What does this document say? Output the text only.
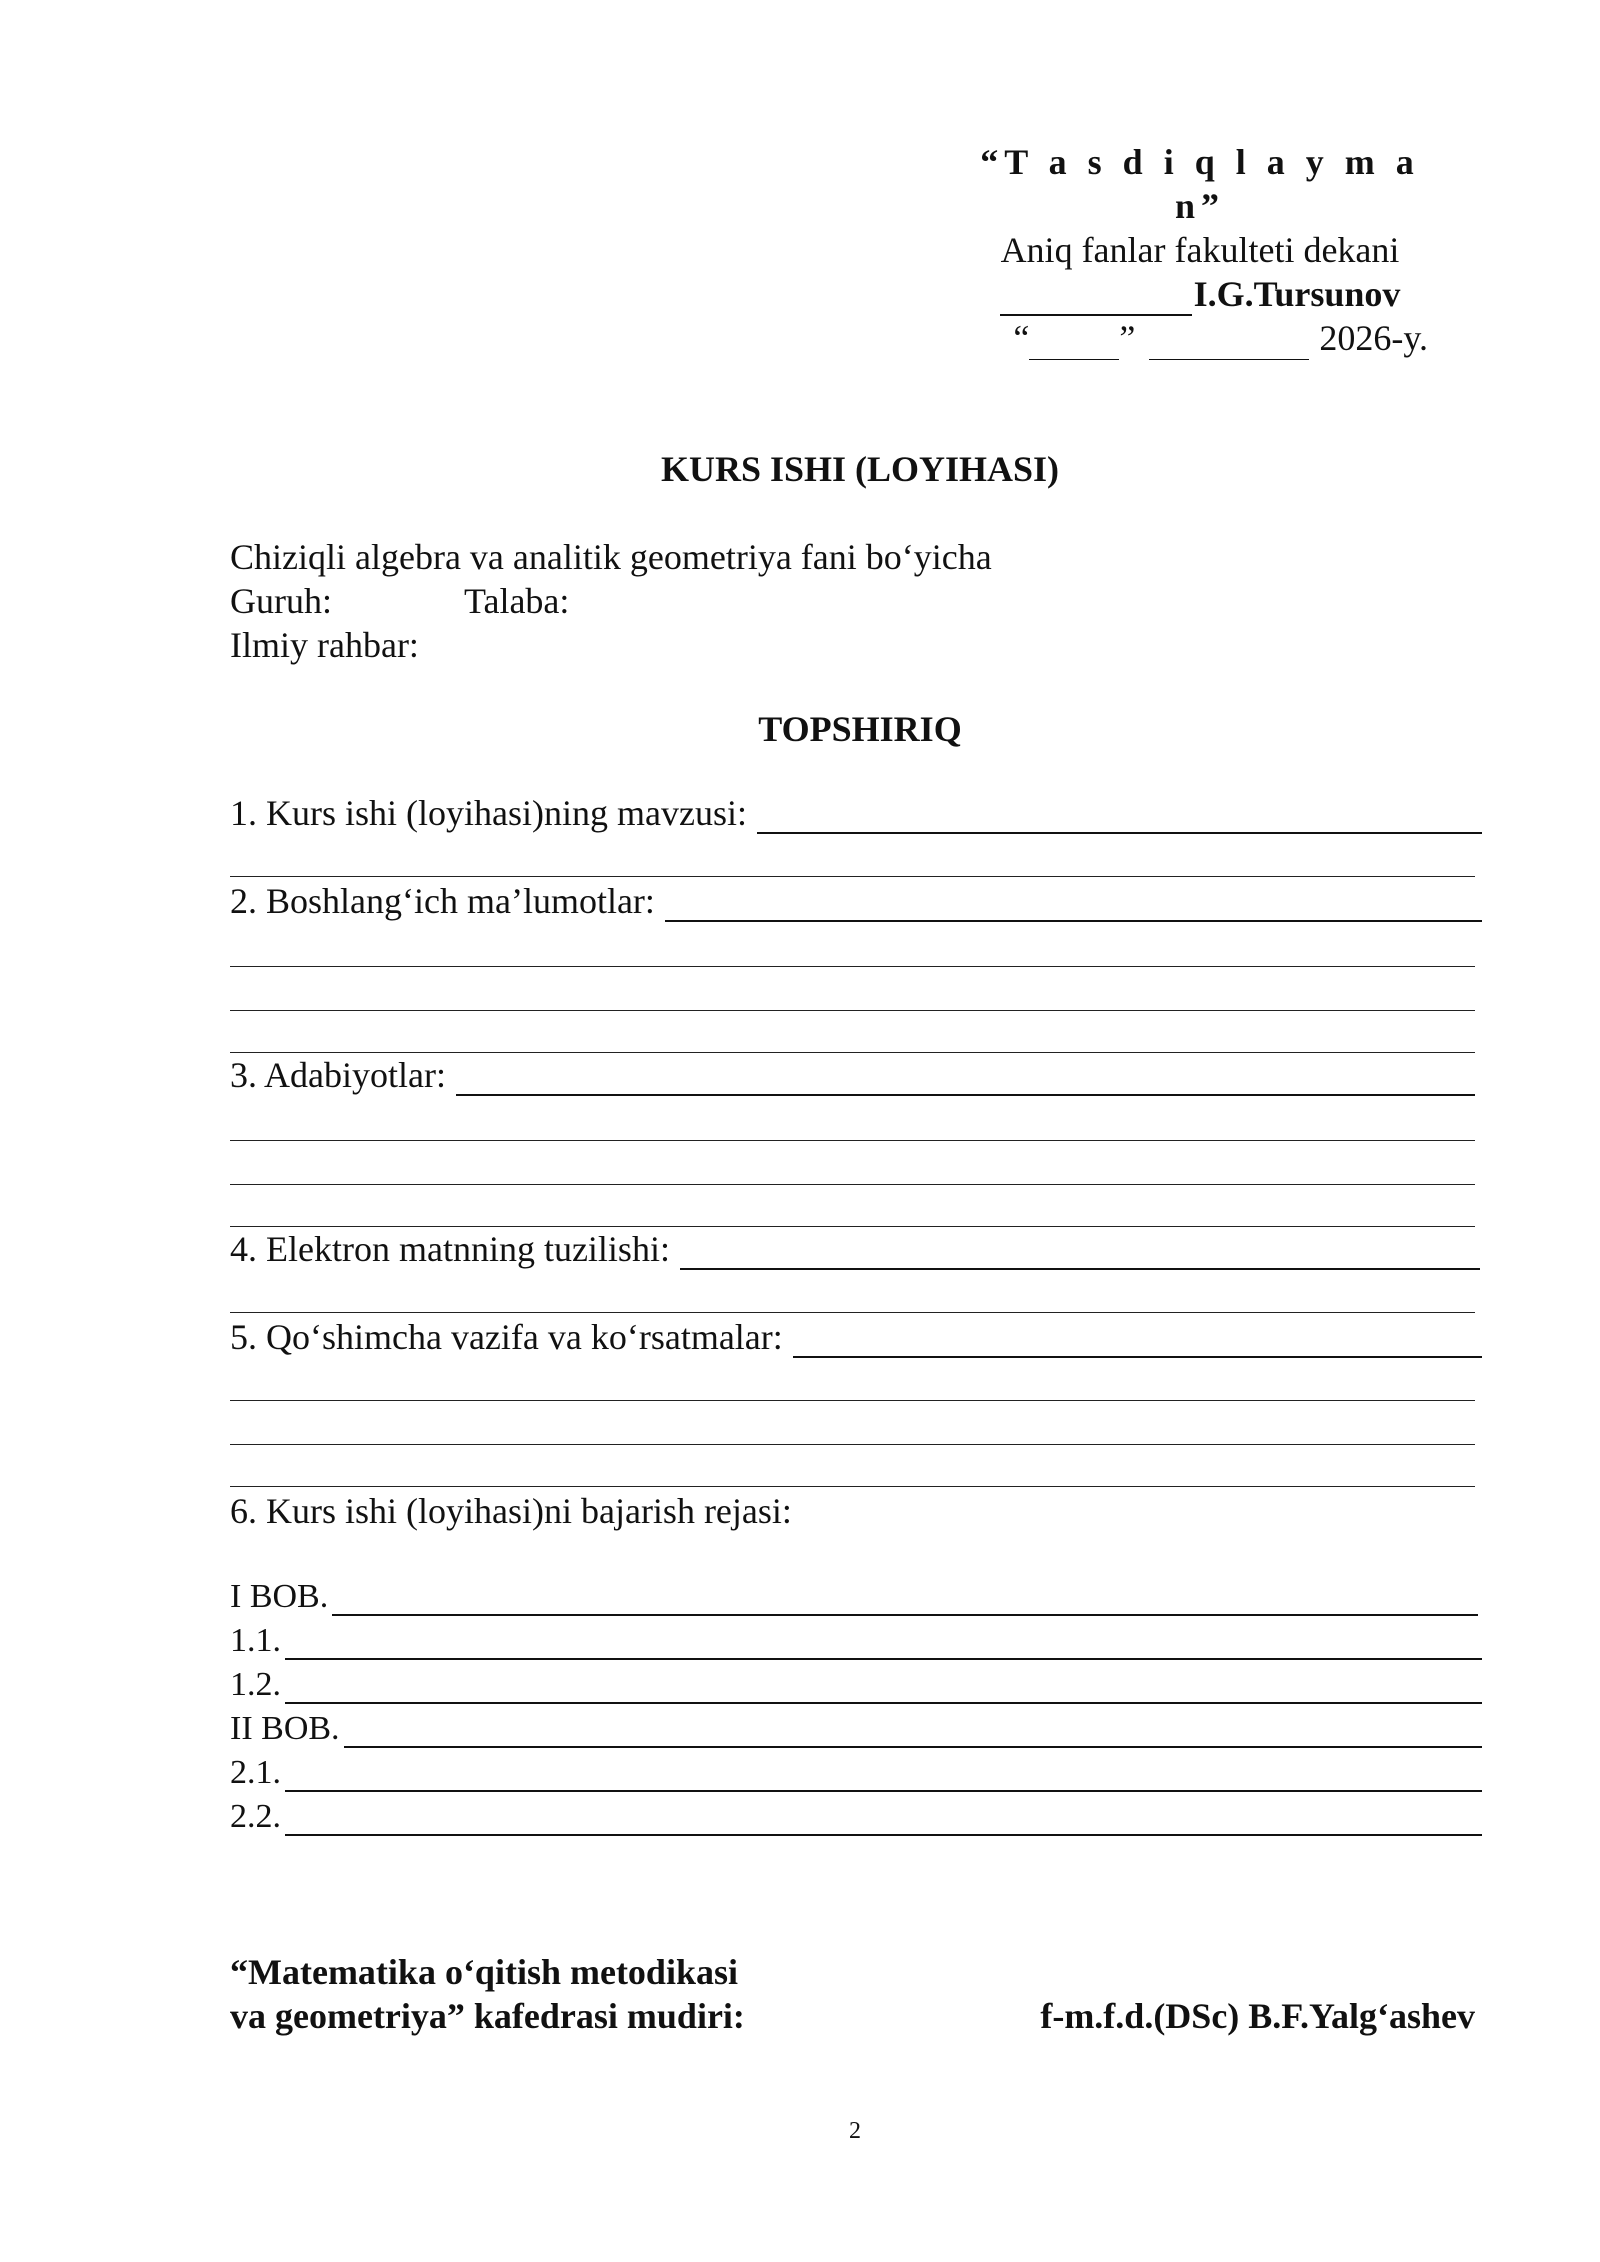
“T a s d i q l a y m a n”
Aniq fanlar fakulteti dekani
I.G.Tursunov
“	”	2026-y.
KURS ISHI (LOYIHASI)
Chiziqli algebra va analitik geometriya fani bo‘yicha
Guruh:	Talaba:
Ilmiy rahbar:
TOPSHIRIQ
1. Kurs ishi (loyihasi)ning mavzusi:
2. Boshlang‘ich ma’lumotlar:
3. Adabiyotlar:
4. Elektron matnning tuzilishi:
5. Qo‘shimcha vazifa va ko‘rsatmalar:
6. Kurs ishi (loyihasi)ni bajarish rejasi:
I BOB.
1.1.
1.2.
II BOB.
2.1.
2.2.
“Matematika o‘qitish metodikasi
va geometriya” kafedrasi mudiri:	f-m.f.d.(DSc) B.F.Yalg‘ashev
2
